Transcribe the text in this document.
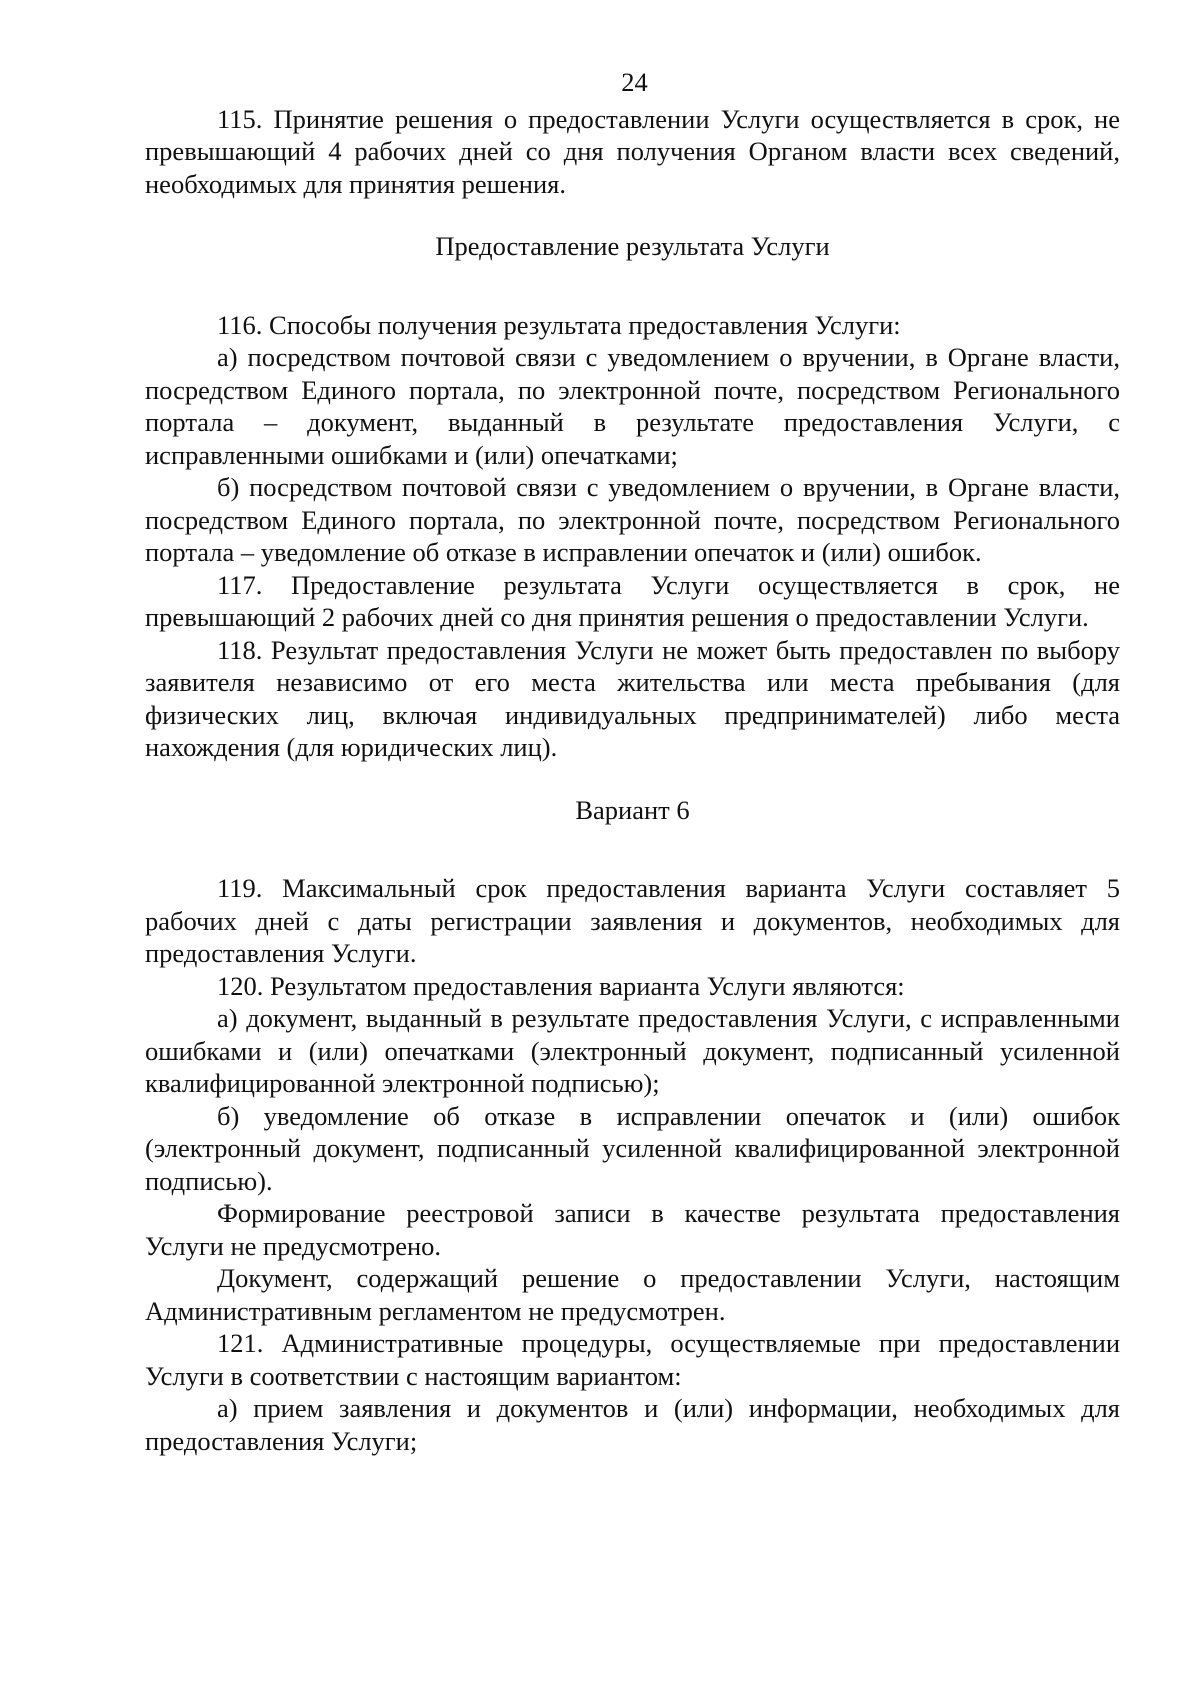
24

115. Принятие решения о предоставлении Услуги осуществляется в срок, не превышающий 4 рабочих дней со дня получения Органом власти всех сведений, необходимых для принятия решения.

Предоставление результата Услуги

116. Способы получения результата предоставления Услуги:

а) посредством почтовой связи с уведомлением о вручении, в Органе власти, посредством Единого портала, по электронной почте, посредством Регионального портала – документ, выданный в результате предоставления Услуги, с исправленными ошибками и (или) опечатками;

б) посредством почтовой связи с уведомлением о вручении, в Органе власти, посредством Единого портала, по электронной почте, посредством Регионального портала – уведомление об отказе в исправлении опечаток и (или) ошибок.

117. Предоставление результата Услуги осуществляется в срок, не превышающий 2 рабочих дней со дня принятия решения о предоставлении Услуги.

118. Результат предоставления Услуги не может быть предоставлен по выбору заявителя независимо от его места жительства или места пребывания (для физических лиц, включая индивидуальных предпринимателей) либо места нахождения (для юридических лиц).

Вариант 6

119. Максимальный срок предоставления варианта Услуги составляет 5 рабочих дней с даты регистрации заявления и документов, необходимых для предоставления Услуги.

120. Результатом предоставления варианта Услуги являются:

а) документ, выданный в результате предоставления Услуги, с исправленными ошибками и (или) опечатками (электронный документ, подписанный усиленной квалифицированной электронной подписью);

б) уведомление об отказе в исправлении опечаток и (или) ошибок (электронный документ, подписанный усиленной квалифицированной электронной подписью).

Формирование реестровой записи в качестве результата предоставления Услуги не предусмотрено.

Документ, содержащий решение о предоставлении Услуги, настоящим Административным регламентом не предусмотрен.

121. Административные процедуры, осуществляемые при предоставлении Услуги в соответствии с настоящим вариантом:

а) прием заявления и документов и (или) информации, необходимых для предоставления Услуги;
